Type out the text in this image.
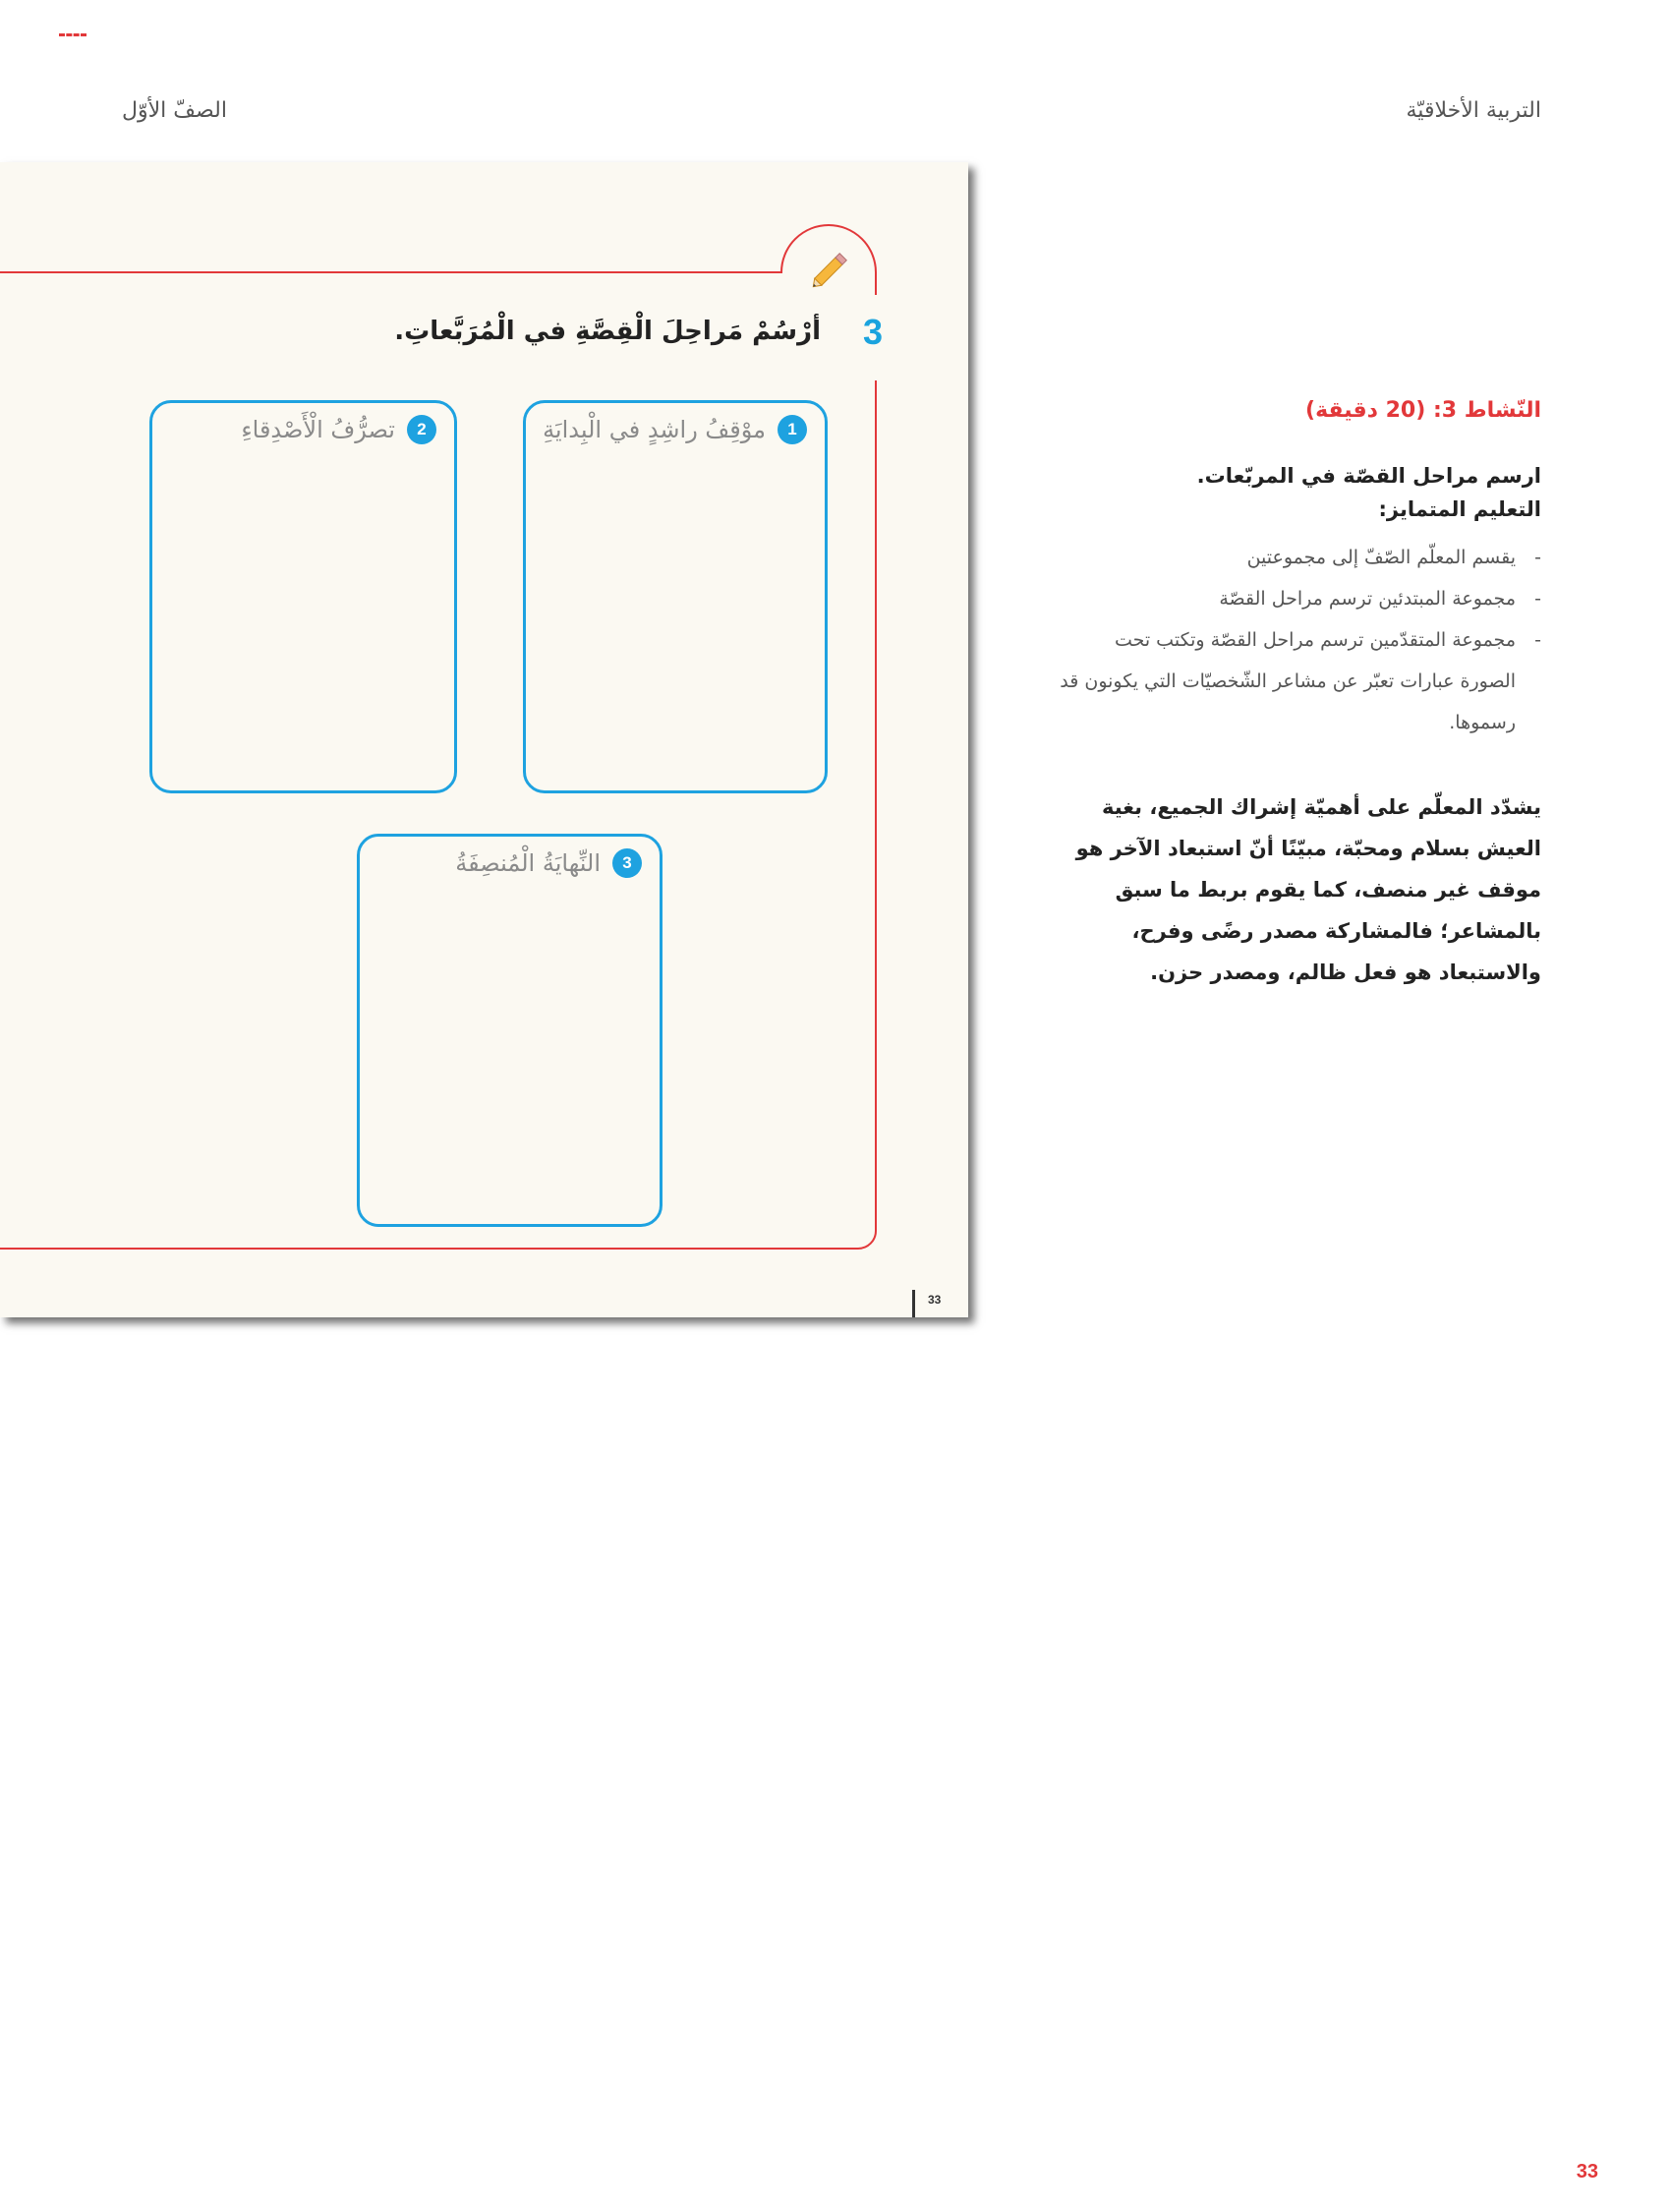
التربية الأخلاقيّة
الصفّ الأوّل
3
أرْسُمْ مَراحِلَ الْقِصَّةِ في الْمُرَبَّعاتِ.
1
موْقِفُ راشِدٍ في الْبِدايَةِ
2
تصرُّفُ الْأَصْدِقاءِ
3
النِّهايَةُ الْمُنصِفَةُ
33
النّشاط 3: (20 دقيقة)
ارسم مراحل القصّة في المربّعات.
التعليم المتمايز:
-
يقسم المعلّم الصّفّ إلى مجموعتين
-
مجموعة المبتدئين ترسم مراحل القصّة
-
مجموعة المتقدّمين ترسم مراحل القصّة وتكتب تحت الصورة عبارات تعبّر عن مشاعر الشّخصيّات التي يكونون قد رسموها.
يشدّد المعلّم على أهميّة إشراك الجميع، بغية العيش بسلام ومحبّة، مبيّنًا أنّ استبعاد الآخر هو موقف غير منصف، كما يقوم بربط ما سبق بالمشاعر؛ فالمشاركة مصدر رضًى وفرح، والاستبعاد هو فعل ظالم، ومصدر حزن.
33
